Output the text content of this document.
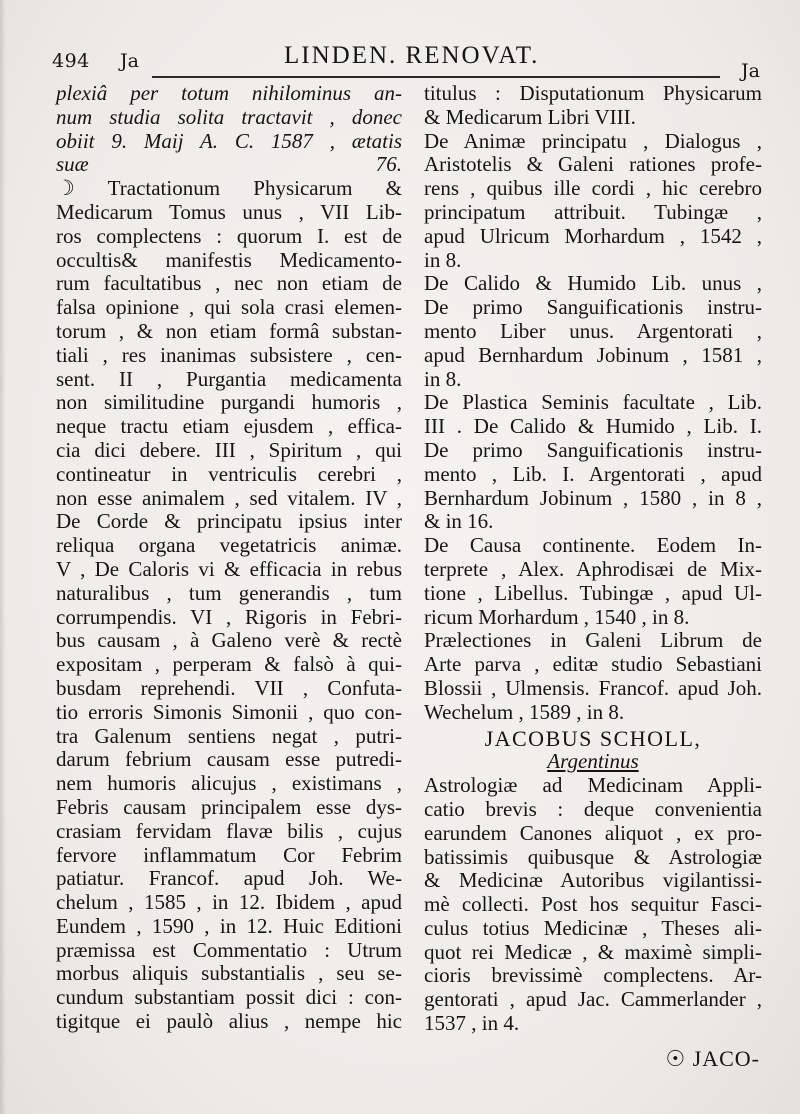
494 Ja	LINDEN. RENOVAT.
Ja
plexiâ per totum nihilominus an-
num studia solita tractavit , donec
obiit 9. Maij A. C. 1587 , ætatis
suæ 76.
☽ Tractationum Physicarum &
Medicarum Tomus unus , VII Lib-
ros complectens : quorum I. est de
occultis& manifestis Medicamento-
rum facultatibus , nec non etiam de
falsa opinione , qui sola crasi elemen-
torum , & non etiam formâ substan-
tiali , res inanimas subsistere , cen-
sent. II , Purgantia medicamenta
non similitudine purgandi humoris ,
neque tractu etiam ejusdem , effica-
cia dici debere. III , Spiritum , qui
contineatur in ventriculis cerebri ,
non esse animalem , sed vitalem. IV ,
De Corde & principatu ipsius inter
reliqua organa vegetatricis animæ.
V , De Caloris vi & efficacia in rebus
naturalibus , tum generandis , tum
corrumpendis. VI , Rigoris in Febri-
bus causam , à Galeno verè & rectè
expositam , perperam & falsò à qui-
busdam reprehendi. VII , Confuta-
tio erroris Simonis Simonii , quo con-
tra Galenum sentiens negat , putri-
darum febrium causam esse putredi-
nem humoris alicujus , existimans ,
Febris causam principalem esse dys-
crasiam fervidam flavæ bilis , cujus
fervore inflammatum Cor Febrim
patiatur. Francof. apud Joh. We-
chelum , 1585 , in 12. Ibidem , apud
Eundem , 1590 , in 12. Huic Editioni
præmissa est Commentatio : Utrum
morbus aliquis substantialis , seu se-
cundum substantiam possit dici : con-
tigitque ei paulò alius , nempe hic
titulus : Disputationum Physicarum
& Medicarum Libri VIII.
De Animæ principatu , Dialogus ,
Aristotelis & Galeni rationes profe-
rens , quibus ille cordi , hic cerebro
principatum attribuit. Tubingæ ,
apud Ulricum Morhardum , 1542 ,
in 8.
De Calido & Humido Lib. unus ,
De primo Sanguificationis instru-
mento Liber unus. Argentorati ,
apud Bernhardum Jobinum , 1581 ,
in 8.
De Plastica Seminis facultate , Lib.
III . De Calido & Humido , Lib. I.
De primo Sanguificationis instru-
mento , Lib. I. Argentorati , apud
Bernhardum Jobinum , 1580 , in 8 ,
& in 16.
De Causa continente. Eodem In-
terprete , Alex. Aphrodisæi de Mix-
tione , Libellus. Tubingæ , apud Ul-
ricum Morhardum , 1540 , in 8.
Prælectiones in Galeni Librum de
Arte parva , editæ studio Sebastiani
Blossii , Ulmensis. Francof. apud Joh.
Wechelum , 1589 , in 8.
JACOBUS SCHOLL,
Argentinus
Astrologiæ ad Medicinam Appli-
catio brevis : deque convenientia
earundem Canones aliquot , ex pro-
batissimis quibusque & Astrologiæ
& Medicinæ Autoribus vigilantissi-
mè collecti. Post hos sequitur Fasci-
culus totius Medicinæ , Theses ali-
quot rei Medicæ , & maximè simpli-
cioris brevissimè complectens. Ar-
gentorati , apud Jac. Cammerlander ,
1537 , in 4.
☉ JACO-
